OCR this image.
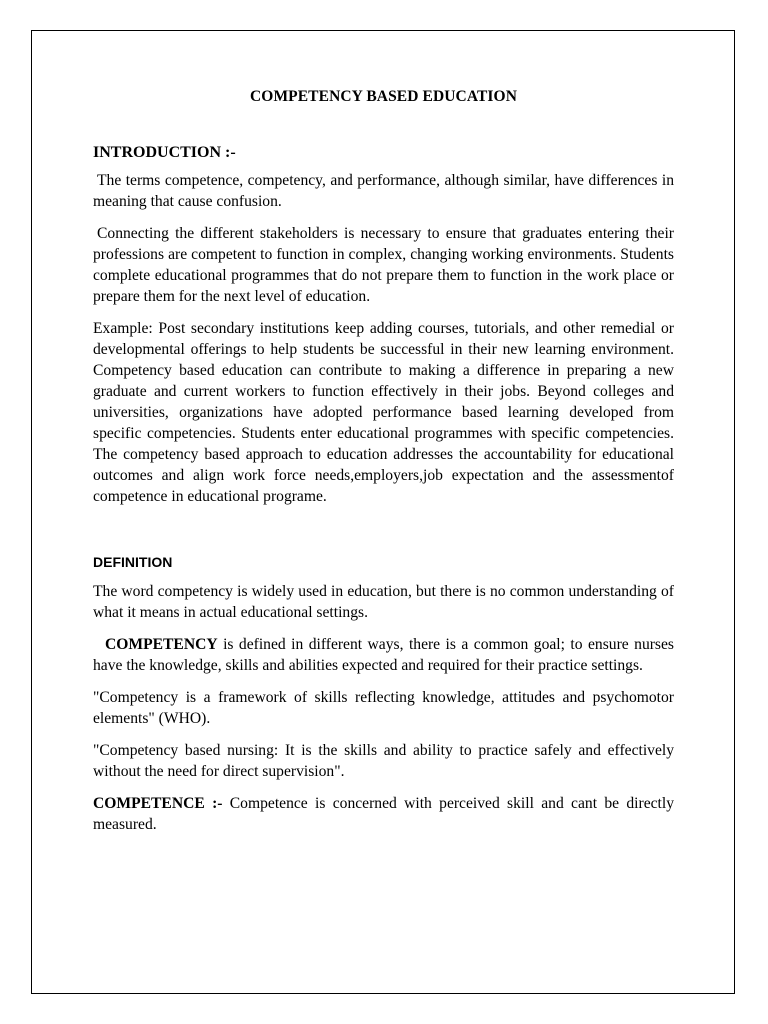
COMPETENCY BASED EDUCATION
INTRODUCTION :-

The terms competence, competency, and performance, although similar, have differences in meaning that cause confusion.

Connecting the different stakeholders is necessary to ensure that graduates entering their professions are competent to function in complex, changing working environments. Students complete educational programmes that do not prepare them to function in the work place or prepare them for the next level of education.

Example: Post secondary institutions keep adding courses, tutorials, and other remedial or developmental offerings to help students be successful in their new learning environment. Competency based education can contribute to making a difference in preparing a new graduate and current workers to function effectively in their jobs. Beyond colleges and universities, organizations have adopted performance based learning developed from specific competencies. Students enter educational programmes with specific competencies. The competency based approach to education addresses the accountability for educational outcomes and align work force needs,employers,job expectation and the assessmentof competence in educational programe.

DEFINITION

The word competency is widely used in education, but there is no common understanding of what it means in actual educational settings.

COMPETENCY is defined in different ways, there is a common goal; to ensure nurses have the knowledge, skills and abilities expected and required for their practice settings.

"Competency is a framework of skills reflecting knowledge, attitudes and psychomotor elements" (WHO).

"Competency based nursing: It is the skills and ability to practice safely and effectively without the need for direct supervision".

COMPETENCE :- Competence is concerned with perceived skill and cant be directly measured.
